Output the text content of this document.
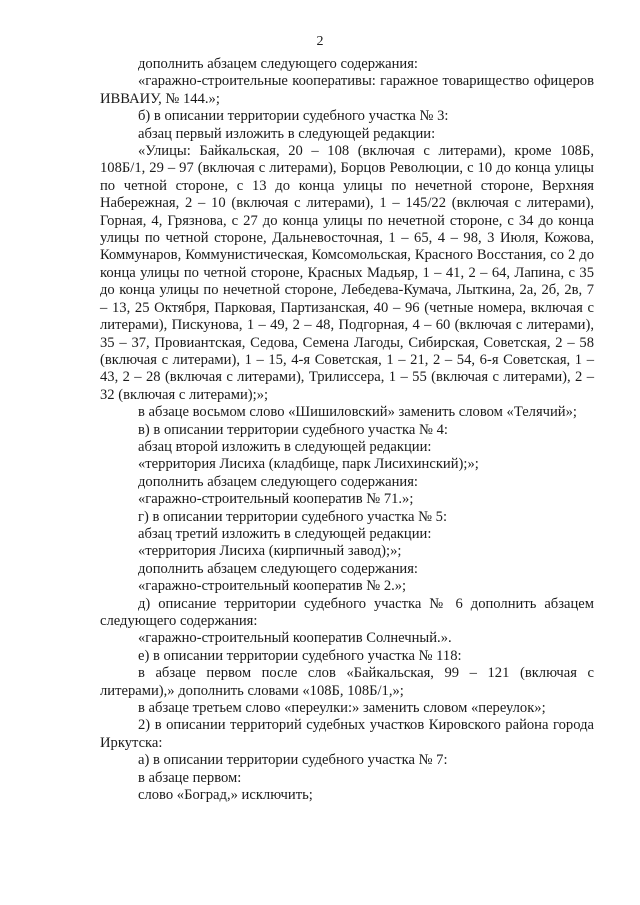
2

дополнить абзацем следующего содержания:

«гаражно-строительные кооперативы: гаражное товарищество офицеров ИВВАИУ, № 144.»;

б) в описании территории судебного участка № 3:

абзац первый изложить в следующей редакции:

«Улицы: Байкальская, 20 – 108 (включая с литерами), кроме 108Б, 108Б/1, 29 – 97 (включая с литерами), Борцов Революции, с 10 до конца улицы по четной стороне, с 13 до конца улицы по нечетной стороне, Верхняя Набережная, 2 – 10 (включая с литерами), 1 – 145/22 (включая с литерами), Горная, 4, Грязнова, с 27 до конца улицы по нечетной стороне, с 34 до конца улицы по четной стороне, Дальневосточная, 1 – 65, 4 – 98, 3 Июля, Кожова, Коммунаров, Коммунистическая, Комсомольская, Красного Восстания, со 2 до конца улицы по четной стороне, Красных Мадьяр, 1 – 41, 2 – 64, Лапина, с 35 до конца улицы по нечетной стороне, Лебедева-Кумача, Лыткина, 2а, 2б, 2в, 7 – 13, 25 Октября, Парковая, Партизанская, 40 – 96 (четные номера, включая с литерами), Пискунова, 1 – 49, 2 – 48, Подгорная, 4 – 60 (включая с литерами), 35 – 37, Провиантская, Седова, Семена Лагоды, Сибирская, Советская, 2 – 58 (включая с литерами), 1 – 15, 4-я Советская, 1 – 21, 2 – 54, 6-я Советская, 1 – 43, 2 – 28 (включая с литерами), Трилиссера, 1 – 55 (включая с литерами), 2 – 32 (включая с литерами);»;

в абзаце восьмом слово «Шишиловский» заменить словом «Телячий»;

в) в описании территории судебного участка № 4:

абзац второй изложить в следующей редакции:

«территория Лисиха (кладбище, парк Лисихинский);»;

дополнить абзацем следующего содержания:

«гаражно-строительный кооператив № 71.»;

г) в описании территории судебного участка № 5:

абзац третий изложить в следующей редакции:

«территория Лисиха (кирпичный завод);»;

дополнить абзацем следующего содержания:

«гаражно-строительный кооператив № 2.»;

д) описание территории судебного участка № 6 дополнить абзацем следующего содержания:

«гаражно-строительный кооператив Солнечный.».

е) в описании территории судебного участка № 118:

в абзаце первом после слов «Байкальская, 99 – 121 (включая с литерами),» дополнить словами «108Б, 108Б/1,»;

в абзаце третьем слово «переулки:» заменить словом «переулок»;

2) в описании территорий судебных участков Кировского района города Иркутска:

а) в описании территории судебного участка № 7:

в абзаце первом:

слово «Боград,» исключить;
